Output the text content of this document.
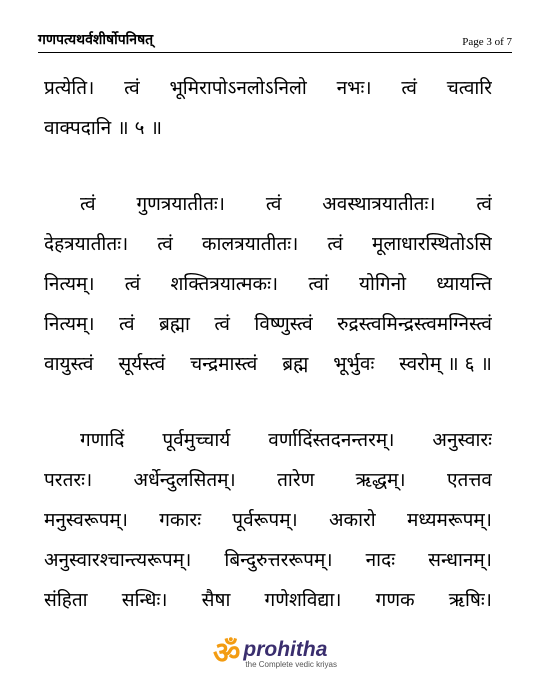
गणपत्यथर्वशीर्षोपनिषत्	Page 3 of 7
प्रत्येति। त्वं भूमिरापोऽनलोऽनिलो नभः। त्वं चत्वारि
वाक्पदानि ॥ ५ ॥
त्वं गुणत्रयातीतः। त्वं अवस्थात्रयातीतः। त्वं
देहत्रयातीतः। त्वं कालत्रयातीतः। त्वं मूलाधारस्थितोऽसि
नित्यम्। त्वं शक्तित्रयात्मकः। त्वां योगिनो ध्यायन्ति
नित्यम्। त्वं ब्रह्मा त्वं विष्णुस्त्वं रुद्रस्त्वमिन्द्रस्त्वमग्निस्त्वं
वायुस्त्वं सूर्यस्त्वं चन्द्रमास्त्वं ब्रह्म भूर्भुवः स्वरोम् ॥ ६ ॥
गणादिं पूर्वमुच्चार्य वर्णादिंस्तदनन्तरम्। अनुस्वारः
परतरः। अर्धेन्दुलसितम्। तारेण ऋद्धम्। एतत्तव
मनुस्वरूपम्। गकारः पूर्वरूपम्। अकारो मध्यमरूपम्।
अनुस्वारश्चान्त्यरूपम्। बिन्दुरुत्तररूपम्। नादः सन्धानम्।
संहिता सन्धिः। सैषा गणेशविद्या। गणक ऋषिः।
ॐ prohitha
the Complete vedic kriyas
